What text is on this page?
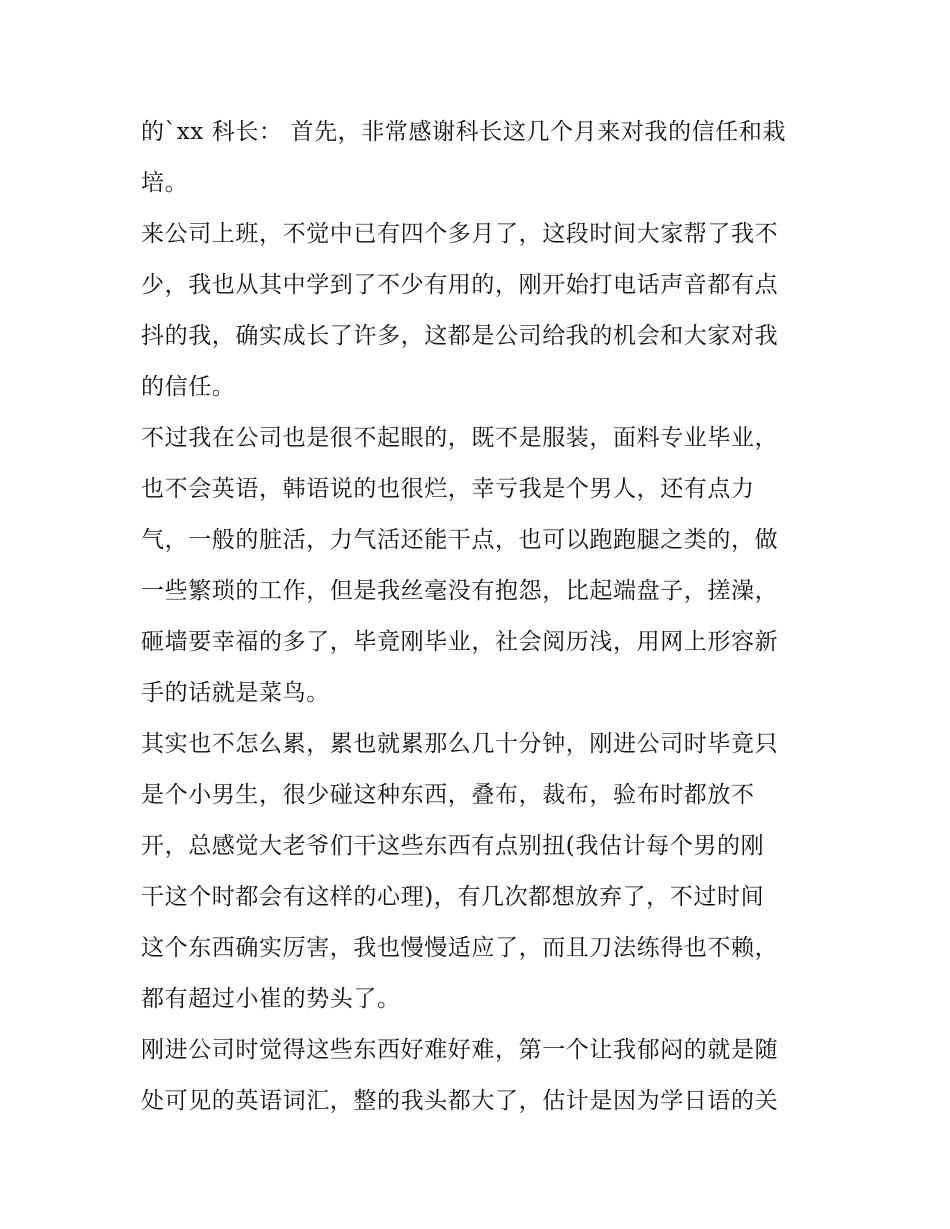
的`xx 科长： 首先，非常感谢科长这几个月来对我的信任和栽
培。
来公司上班，不觉中已有四个多月了，这段时间大家帮了我不
少，我也从其中学到了不少有用的，刚开始打电话声音都有点
抖的我，确实成长了许多，这都是公司给我的机会和大家对我
的信任。
不过我在公司也是很不起眼的，既不是服装，面料专业毕业，
也不会英语，韩语说的也很烂，幸亏我是个男人，还有点力
气，一般的脏活，力气活还能干点，也可以跑跑腿之类的，做
一些繁琐的工作，但是我丝毫没有抱怨，比起端盘子，搓澡，
砸墙要幸福的多了，毕竟刚毕业，社会阅历浅，用网上形容新
手的话就是菜鸟。
其实也不怎么累，累也就累那么几十分钟，刚进公司时毕竟只
是个小男生，很少碰这种东西，叠布，裁布，验布时都放不
开，总感觉大老爷们干这些东西有点别扭(我估计每个男的刚
干这个时都会有这样的心理)，有几次都想放弃了，不过时间
这个东西确实厉害，我也慢慢适应了，而且刀法练得也不赖，
都有超过小崔的势头了。
刚进公司时觉得这些东西好难好难，第一个让我郁闷的就是随
处可见的英语词汇，整的我头都大了，估计是因为学日语的关
